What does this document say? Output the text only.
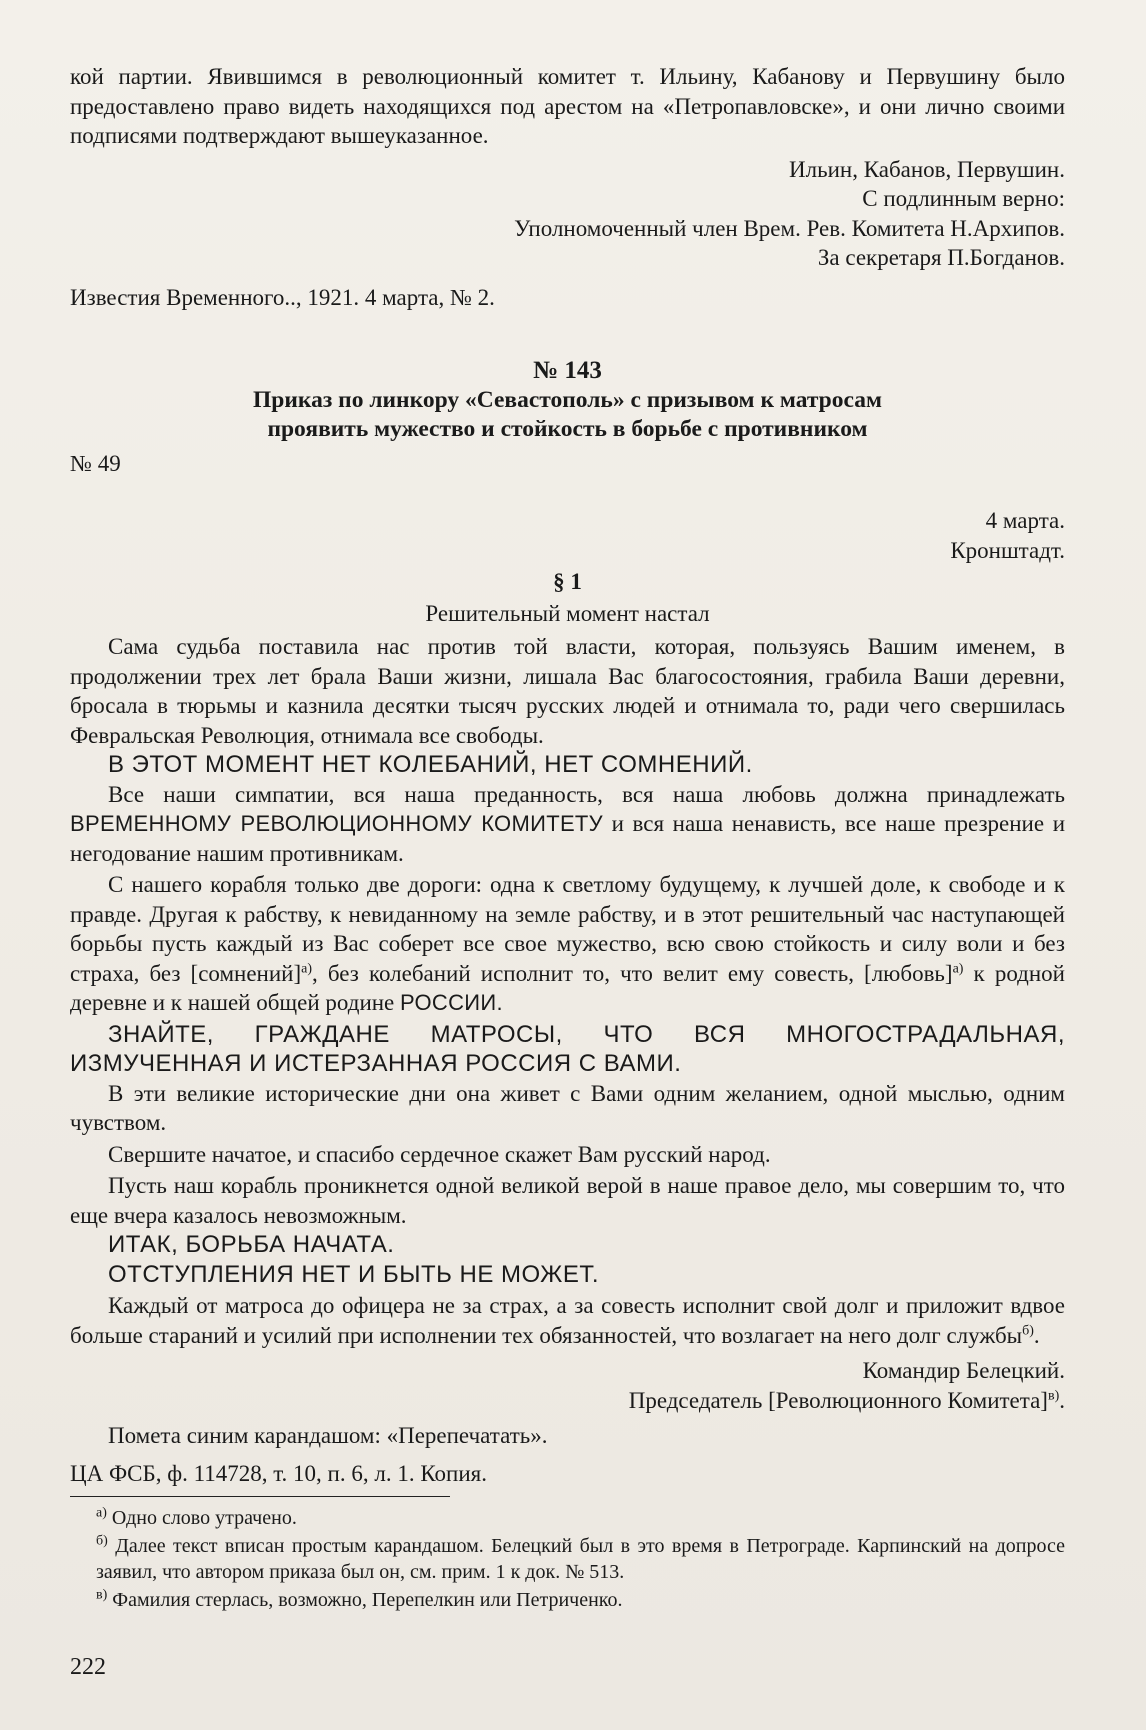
кой партии. Явившимся в революционный комитет т. Ильину, Кабанову и Первушину было предоставлено право видеть находящихся под арестом на «Петропавловске», и они лично своими подписями подтверждают вышеуказанное.

Ильин, Кабанов, Первушин.

С подлинным верно:

Уполномоченный член Врем. Рев. Комитета Н.Архипов.

За секретаря П.Богданов.

Известия Временного.., 1921. 4 марта, № 2.

№ 143

Приказ по линкору «Севастополь» с призывом к матросам

проявить мужество и стойкость в борьбе с противником

№ 49

4 марта.

Кронштадт.

§ 1

Решительный момент настал

Сама судьба поставила нас против той власти, которая, пользуясь Вашим именем, в продолжении трех лет брала Ваши жизни, лишала Вас благосостояния, грабила Ваши деревни, бросала в тюрьмы и казнила десятки тысяч русских людей и отнимала то, ради чего свершилась Февральская Революция, отнимала все свободы.

В ЭТОТ МОМЕНТ НЕТ КОЛЕБАНИЙ, НЕТ СОМНЕНИЙ.

Все наши симпатии, вся наша преданность, вся наша любовь должна принадлежать ВРЕМЕННОМУ РЕВОЛЮЦИОННОМУ КОМИТЕТУ и вся наша ненависть, все наше презрение и негодование нашим противникам.

С нашего корабля только две дороги: одна к светлому будущему, к лучшей доле, к свободе и к правде. Другая к рабству, к невиданному на земле рабству, и в этот решительный час наступающей борьбы пусть каждый из Вас соберет все свое мужество, всю свою стойкость и силу воли и без страха, без [сомнений]$^{а)}$, без колебаний исполнит то, что велит ему совесть, [любовь]$^{а)}$ к родной деревне и к нашей общей родине РОССИИ.

ЗНАЙТЕ, ГРАЖДАНЕ МАТРОСЫ, ЧТО ВСЯ МНОГОСТРАДАЛЬНАЯ, ИЗМУЧЕННАЯ И ИСТЕРЗАННАЯ РОССИЯ С ВАМИ.

В эти великие исторические дни она живет с Вами одним желанием, одной мыслью, одним чувством.

Свершите начатое, и спасибо сердечное скажет Вам русский народ.

Пусть наш корабль проникнется одной великой верой в наше правое дело, мы совершим то, что еще вчера казалось невозможным.

ИТАК, БОРЬБА НАЧАТА.

ОТСТУПЛЕНИЯ НЕТ И БЫТЬ НЕ МОЖЕТ.

Каждый от матроса до офицера не за страх, а за совесть исполнит свой долг и приложит вдвое больше стараний и усилий при исполнении тех обязанностей, что возлагает на него долг службы$^{б)}$.

Командир Белецкий.

Председатель [Революционного Комитета]$^{в)}$.

Помета синим карандашом: «Перепечатать».

ЦА ФСБ, ф. 114728, т. 10, п. 6, л. 1. Копия.

$^{а)}$ Одно слово утрачено.

$^{б)}$ Далее текст вписан простым карандашом. Белецкий был в это время в Петрограде. Карпинский на допросе заявил, что автором приказа был он, см. прим. 1 к док. № 513.

$^{в)}$ Фамилия стерлась, возможно, Перепелкин или Петриченко.

222
